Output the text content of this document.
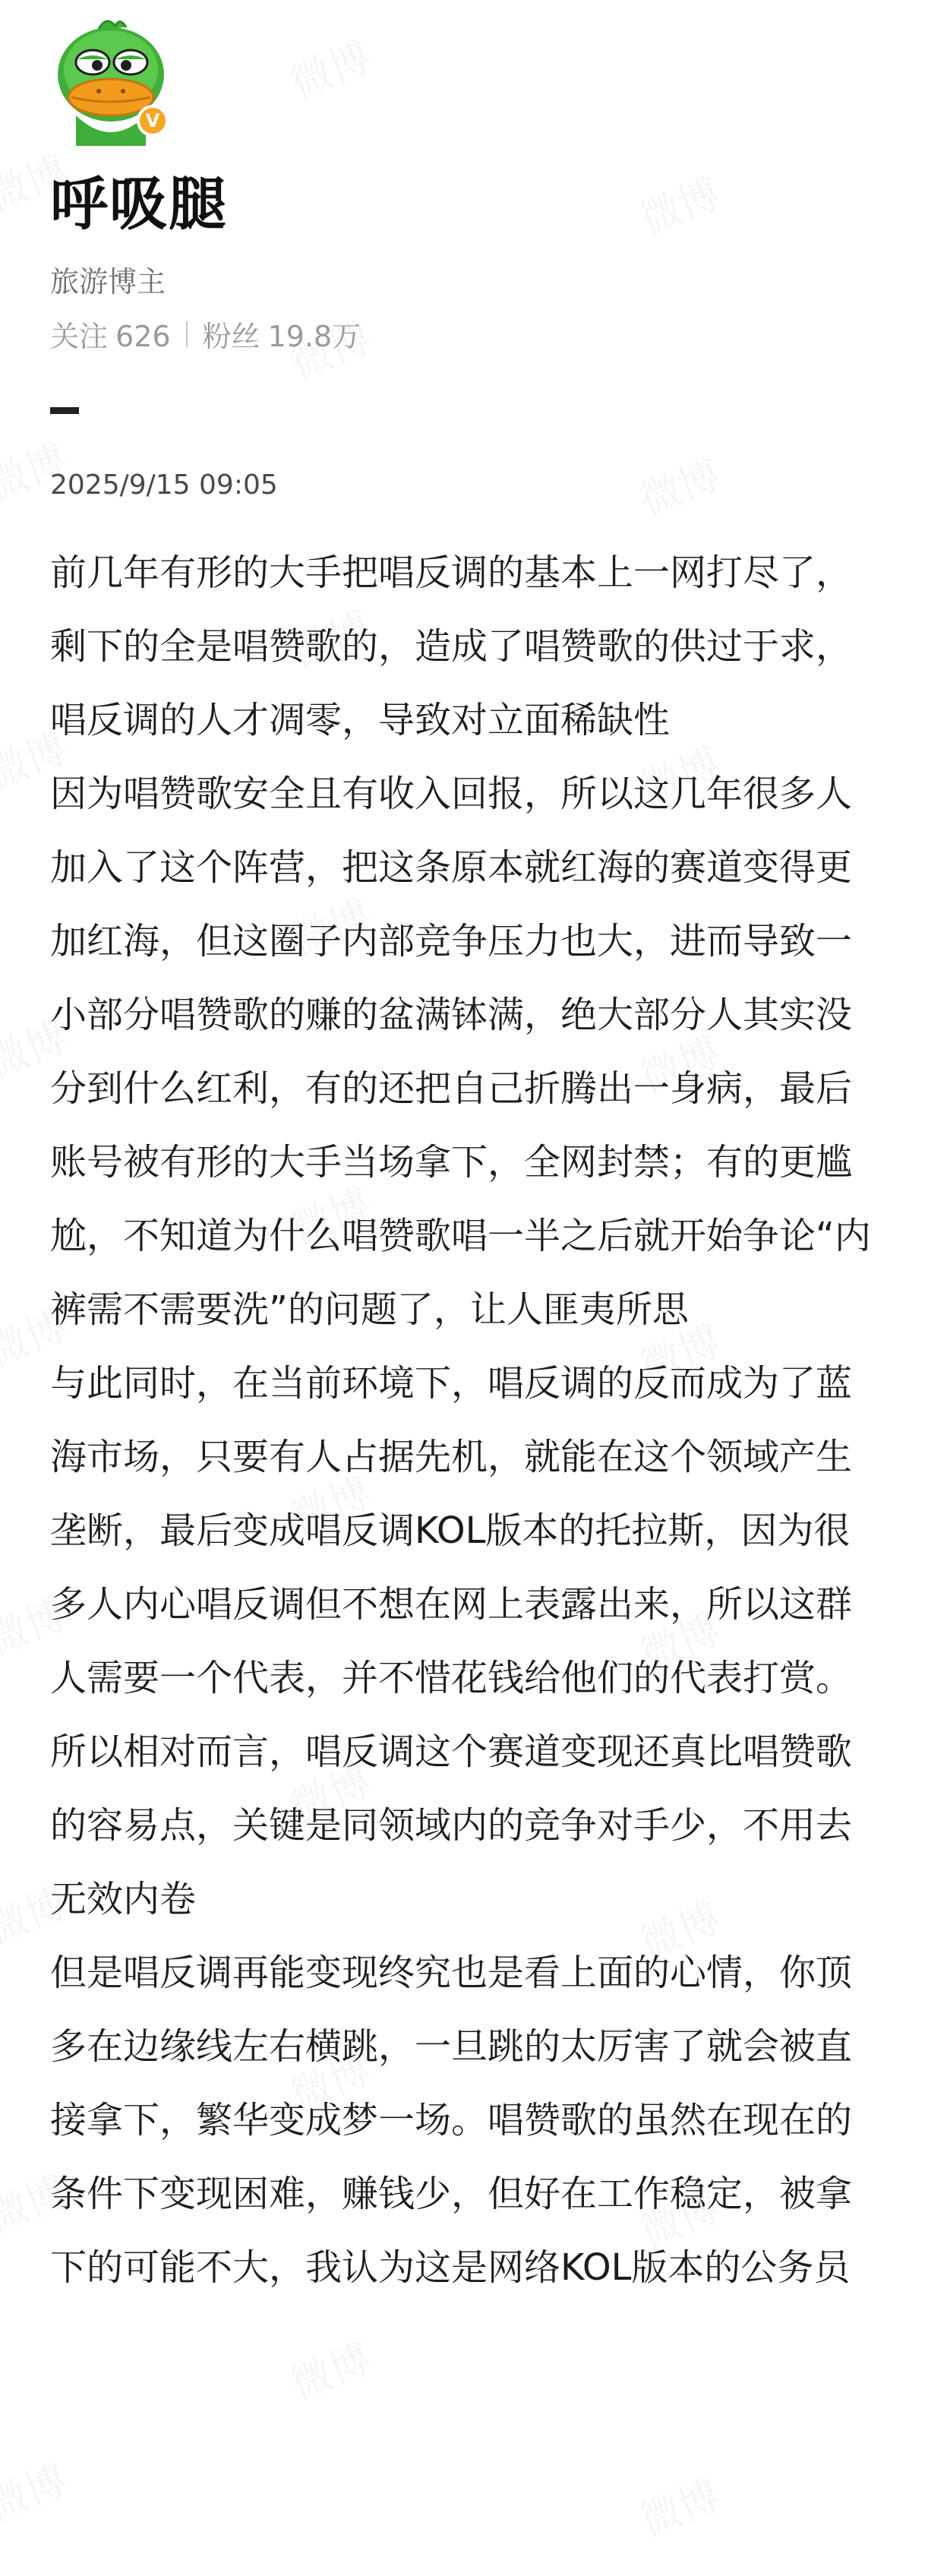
V
呼吸腿
旅游博主
关注 626 粉丝 19.8万
2025/9/15 09:05

前几年有形的大手把唱反调的基本上一网打尽了，剩下的全是唱赞歌的，造成了唱赞歌的供过于求，唱反调的人才凋零，导致对立面稀缺性

因为唱赞歌安全且有收入回报，所以这几年很多人加入了这个阵营，把这条原本就红海的赛道变得更加红海，但这圈子内部竞争压力也大，进而导致一小部分唱赞歌的赚的盆满钵满，绝大部分人其实没分到什么红利，有的还把自己折腾出一身病，最后账号被有形的大手当场拿下，全网封禁；有的更尴尬，不知道为什么唱赞歌唱一半之后就开始争论“内裤需不需要洗”的问题了，让人匪夷所思

与此同时，在当前环境下，唱反调的反而成为了蓝海市场，只要有人占据先机，就能在这个领域产生垄断，最后变成唱反调KOL版本的托拉斯，因为很多人内心唱反调但不想在网上表露出来，所以这群人需要一个代表，并不惜花钱给他们的代表打赏。所以相对而言，唱反调这个赛道变现还真比唱赞歌的容易点，关键是同领域内的竞争对手少，不用去无效内卷

但是唱反调再能变现终究也是看上面的心情，你顶多在边缘线左右横跳，一旦跳的太厉害了就会被直接拿下，繁华变成梦一场。唱赞歌的虽然在现在的条件下变现困难，赚钱少，但好在工作稳定，被拿下的可能不大，我认为这是网络KOL版本的公务员
